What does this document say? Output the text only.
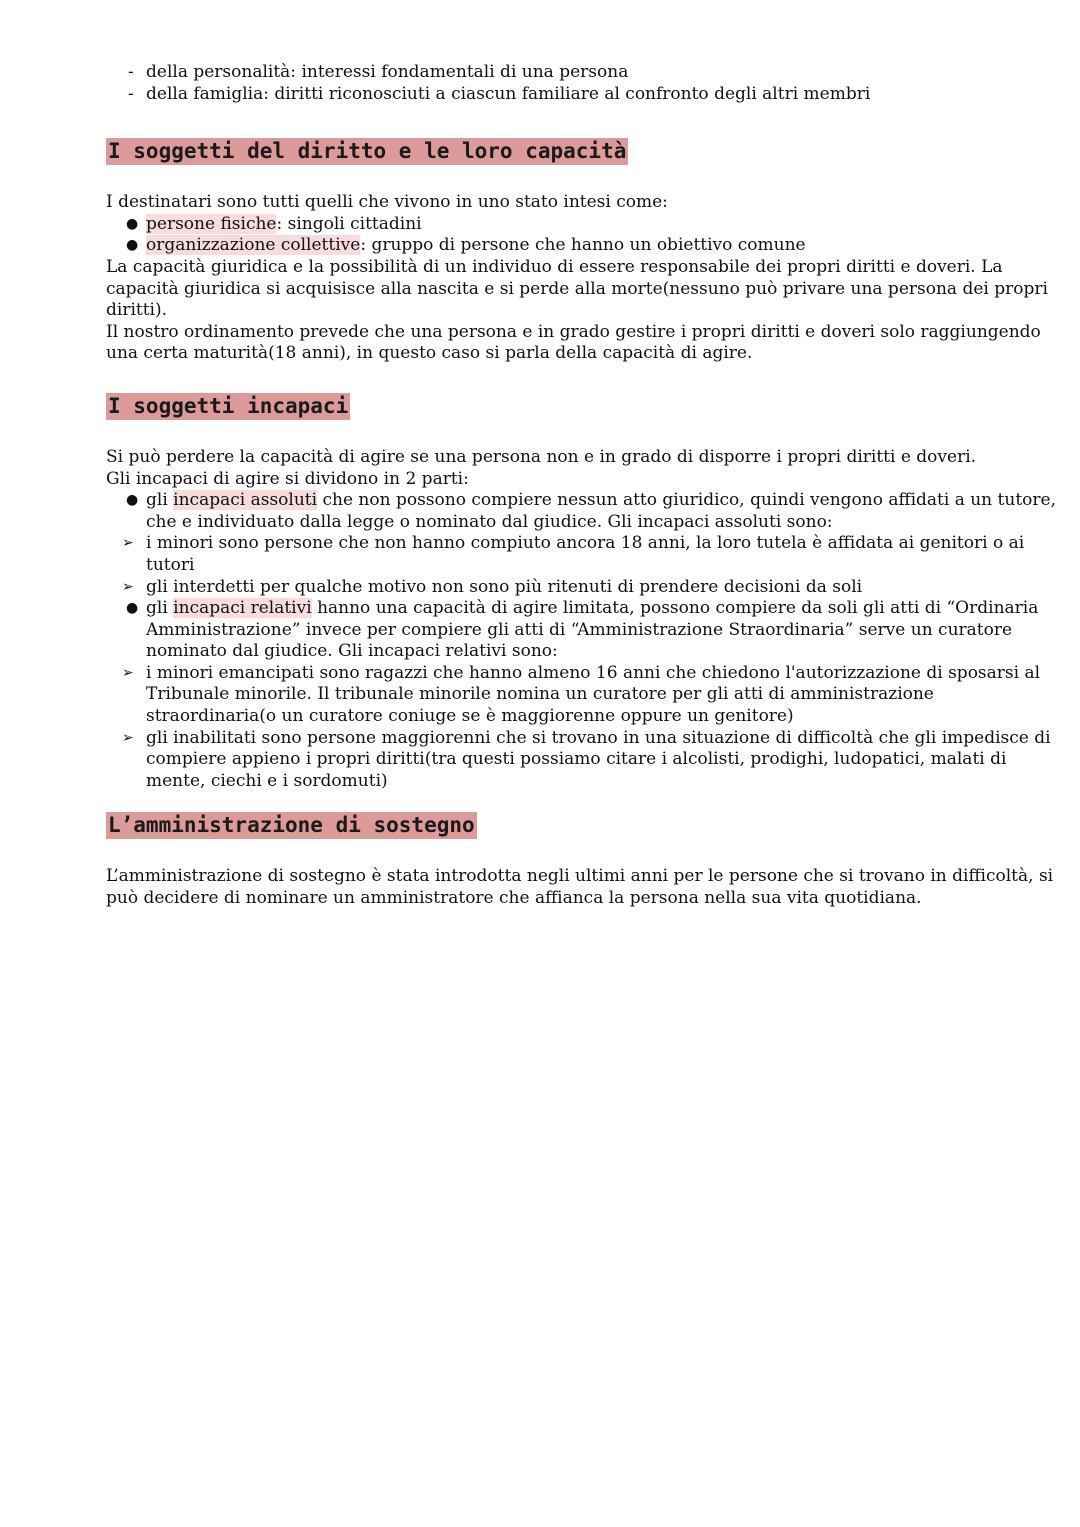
- della personalità: interessi fondamentali di una persona
- della famiglia: diritti riconosciuti a ciascun familiare al confronto degli altri membri
I soggetti del diritto e le loro capacità

I destinatari sono tutti quelli che vivono in uno stato intesi come:

● persone fisiche: singoli cittadini
● organizzazione collettive: gruppo di persone che hanno un obiettivo comune

La capacità giuridica e la possibilità di un individuo di essere responsabile dei propri diritti e doveri. La capacità giuridica si acquisisce alla nascita e si perde alla morte(nessuno può privare una persona dei propri diritti).

Il nostro ordinamento prevede che una persona e in grado gestire i propri diritti e doveri solo raggiungendo una certa maturità(18 anni), in questo caso si parla della capacità di agire.

I soggetti incapaci

Si può perdere la capacità di agire se una persona non e in grado di disporre i propri diritti e doveri.

Gli incapaci di agire si dividono in 2 parti:

● gli incapaci assoluti che non possono compiere nessun atto giuridico, quindi vengono affidati a un tutore, che e individuato dalla legge o nominato dal giudice. Gli incapaci assoluti sono:
➢ i minori sono persone che non hanno compiuto ancora 18 anni, la loro tutela è affidata ai genitori o ai tutori
➢ gli interdetti per qualche motivo non sono più ritenuti di prendere decisioni da soli
● gli incapaci relativi hanno una capacità di agire limitata, possono compiere da soli gli atti di “Ordinaria Amministrazione” invece per compiere gli atti di “Amministrazione Straordinaria” serve un curatore nominato dal giudice. Gli incapaci relativi sono:
➢ i minori emancipati sono ragazzi che hanno almeno 16 anni che chiedono l'autorizzazione di sposarsi al Tribunale minorile. Il tribunale minorile nomina un curatore per gli atti di amministrazione straordinaria(o un curatore coniuge se è maggiorenne oppure un genitore)
➢ gli inabilitati sono persone maggiorenni che si trovano in una situazione di difficoltà che gli impedisce di compiere appieno i propri diritti(tra questi possiamo citare i alcolisti, prodighi, ludopatici, malati di mente, ciechi e i sordomuti)
L’amministrazione di sostegno

L’amministrazione di sostegno è stata introdotta negli ultimi anni per le persone che si trovano in difficoltà, si può decidere di nominare un amministratore che affianca la persona nella sua vita quotidiana.
